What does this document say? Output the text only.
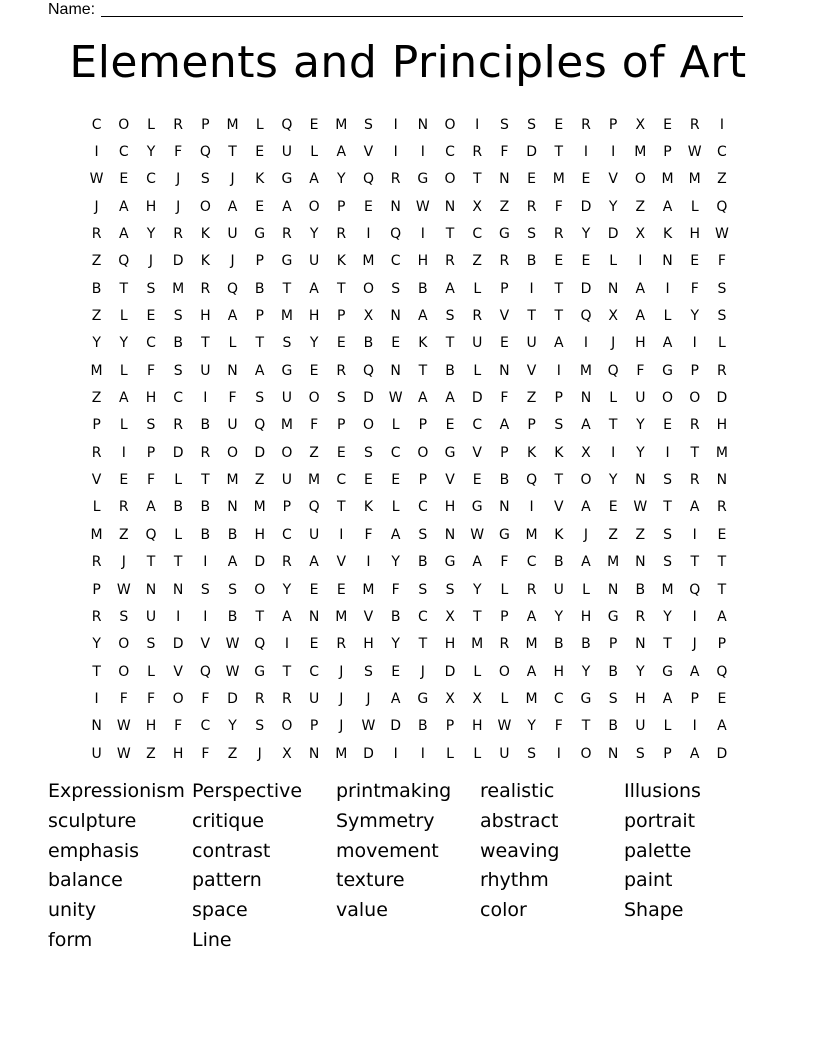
Name:
Elements and Principles of Art
C	O	L	R	P	M	L	Q	E	M	S	I	N	O	I	S	S	E	R	P	X	E	R	I
I	C	Y	F	Q	T	E	U	L	A	V	I	I	C	R	F	D	T	I	I	M	P	W	C
W	E	C	J	S	J	K	G	A	Y	Q	R	G	O	T	N	E	M	E	V	O	M	M	Z
J	A	H	J	O	A	E	A	O	P	E	N	W	N	X	Z	R	F	D	Y	Z	A	L	Q
R	A	Y	R	K	U	G	R	Y	R	I	Q	I	T	C	G	S	R	Y	D	X	K	H	W
Z	Q	J	D	K	J	P	G	U	K	M	C	H	R	Z	R	B	E	E	L	I	N	E	F
B	T	S	M	R	Q	B	T	A	T	O	S	B	A	L	P	I	T	D	N	A	I	F	S
Z	L	E	S	H	A	P	M	H	P	X	N	A	S	R	V	T	T	Q	X	A	L	Y	S
Y	Y	C	B	T	L	T	S	Y	E	B	E	K	T	U	E	U	A	I	J	H	A	I	L
M	L	F	S	U	N	A	G	E	R	Q	N	T	B	L	N	V	I	M	Q	F	G	P	R
Z	A	H	C	I	F	S	U	O	S	D	W	A	A	D	F	Z	P	N	L	U	O	O	D
P	L	S	R	B	U	Q	M	F	P	O	L	P	E	C	A	P	S	A	T	Y	E	R	H
R	I	P	D	R	O	D	O	Z	E	S	C	O	G	V	P	K	K	X	I	Y	I	T	M
V	E	F	L	T	M	Z	U	M	C	E	E	P	V	E	B	Q	T	O	Y	N	S	R	N
L	R	A	B	B	N	M	P	Q	T	K	L	C	H	G	N	I	V	A	E	W	T	A	R
M	Z	Q	L	B	B	H	C	U	I	F	A	S	N	W	G	M	K	J	Z	Z	S	I	E
R	J	T	T	I	A	D	R	A	V	I	Y	B	G	A	F	C	B	A	M	N	S	T	T
P	W	N	N	S	S	O	Y	E	E	M	F	S	S	Y	L	R	U	L	N	B	M	Q	T
R	S	U	I	I	B	T	A	N	M	V	B	C	X	T	P	A	Y	H	G	R	Y	I	A
Y	O	S	D	V	W	Q	I	E	R	H	Y	T	H	M	R	M	B	B	P	N	T	J	P
T	O	L	V	Q	W	G	T	C	J	S	E	J	D	L	O	A	H	Y	B	Y	G	A	Q
I	F	F	O	F	D	R	R	U	J	J	A	G	X	X	L	M	C	G	S	H	A	P	E
N	W	H	F	C	Y	S	O	P	J	W	D	B	P	H	W	Y	F	T	B	U	L	I	A
U	W	Z	H	F	Z	J	X	N	M	D	I	I	L	L	U	S	I	O	N	S	P	A	D
Expressionism Perspective	printmaking	realistic	Illusions
sculpture	critique	Symmetry	abstract	portrait
emphasis	contrast	movement	weaving	palette
balance	pattern	texture	rhythm	paint
unity	space	value	color	Shape
form	Line
